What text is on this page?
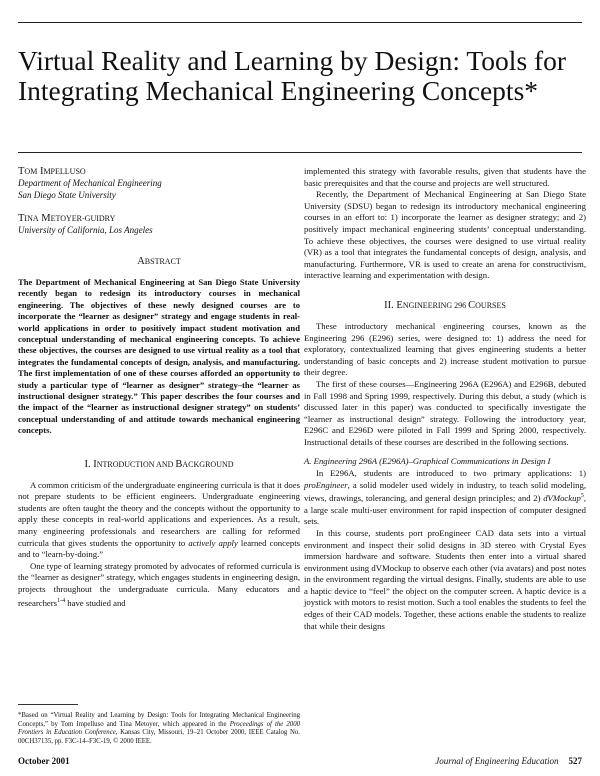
Virtual Reality and Learning by Design: Tools for Integrating Mechanical Engineering Concepts*
TOM IMPELLUSO
Department of Mechanical Engineering
San Diego State University
TINA METOYER-GUIDRY
University of California, Los Angeles
ABSTRACT
The Department of Mechanical Engineering at San Diego State University recently began to redesign its introductory courses in mechanical engineering. The objectives of these newly designed courses are to incorporate the “learner as designer” strategy and engage students in real-world applications in order to positively impact student motivation and conceptual understanding of mechanical engineering concepts. To achieve these objectives, the courses are designed to use virtual reality as a tool that integrates the fundamental concepts of design, analysis, and manufacturing. The first implementation of one of these courses afforded an opportunity to study a particular type of “learner as designer” strategy–the “learner as instructional designer strategy.” This paper describes the four courses and the impact of the “learner as instructional designer strategy” on students’ conceptual understanding of and attitude towards mechanical engineering concepts.
I. INTRODUCTION AND BACKGROUND

A common criticism of the undergraduate engineering curricula is that it does not prepare students to be efficient engineers. Undergraduate engineering students are often taught the theory and the concepts without the opportunity to apply these concepts in real-world applications and experiences. As a result, many engineering professionals and researchers are calling for reformed curricula that gives students the opportunity to actively apply learned concepts and to “learn-by-doing.”

One type of learning strategy promoted by advocates of reformed curricula is the “learner as designer” strategy, which engages students in engineering design, projects throughout the undergraduate curricula. Many educators and researchers$^{1-4}$ have studied and

*Based on “Virtual Reality and Learning by Design: Tools for Integrating Mechanical Engineering Concepts,” by Tom Impelluso and Tina Metoyer, which appeared in the Proceedings of the 2000 Frontiers in Education Conference, Kansas City, Missouri, 19–21 October 2000, IEEE Catalog No. 00CH37135, pp. F3C-14–F3C-19, © 2000 IEEE.

implemented this strategy with favorable results, given that students have the basic prerequisites and that the course and projects are well structured.

Recently, the Department of Mechanical Engineering at San Diego State University (SDSU) began to redesign its introductory mechanical engineering courses in an effort to: 1) incorporate the learner as designer strategy; and 2) positively impact mechanical engineering students’ conceptual understanding. To achieve these objectives, the courses were designed to use virtual reality (VR) as a tool that integrates the fundamental concepts of design, analysis, and manufacturing. Furthermore, VR is used to create an arena for constructivism, interactive learning and experimentation with design.

II. ENGINEERING 296 COURSES

These introductory mechanical engineering courses, known as the Engineering 296 (E296) series, were designed to: 1) address the need for exploratory, contextualized learning that gives engineering students a better understanding of basic concepts and 2) increase student motivation to pursue their degree.

The first of these courses—Engineering 296A (E296A) and E296B, debuted in Fall 1998 and Spring 1999, respectively. During this debut, a study (which is discussed later in this paper) was conducted to specifically investigate the “learner as instructional design” strategy. Following the introductory year, E296C and E296D were piloted in Fall 1999 and Spring 2000, respectively. Instructional details of these courses are described in the following sections.

A. Engineering 296A (E296A)–Graphical Communications in Design I

In E296A, students are introduced to two primary applications: 1) proEngineer, a solid modeler used widely in industry, to teach solid modeling, views, drawings, tolerancing, and general design principles; and 2) dVMockup$^5$, a large scale multi-user environment for rapid inspection of computer designed sets.

In this course, students port proEngineer CAD data sets into a virtual environment and inspect their solid designs in 3D stereo with Crystal Eyes immersion hardware and software. Students then enter into a virtual shared environment using dVMockup to observe each other (via avatars) and post notes in the environment regarding the virtual designs. Finally, students are able to use a haptic device to “feel” the object on the computer screen. A haptic device is a joystick with motors to resist motion. Such a tool enables the students to feel the edges of their CAD models. Together, these actions enable the students to realize that while their designs

October 2001	Journal of Engineering Education 527
